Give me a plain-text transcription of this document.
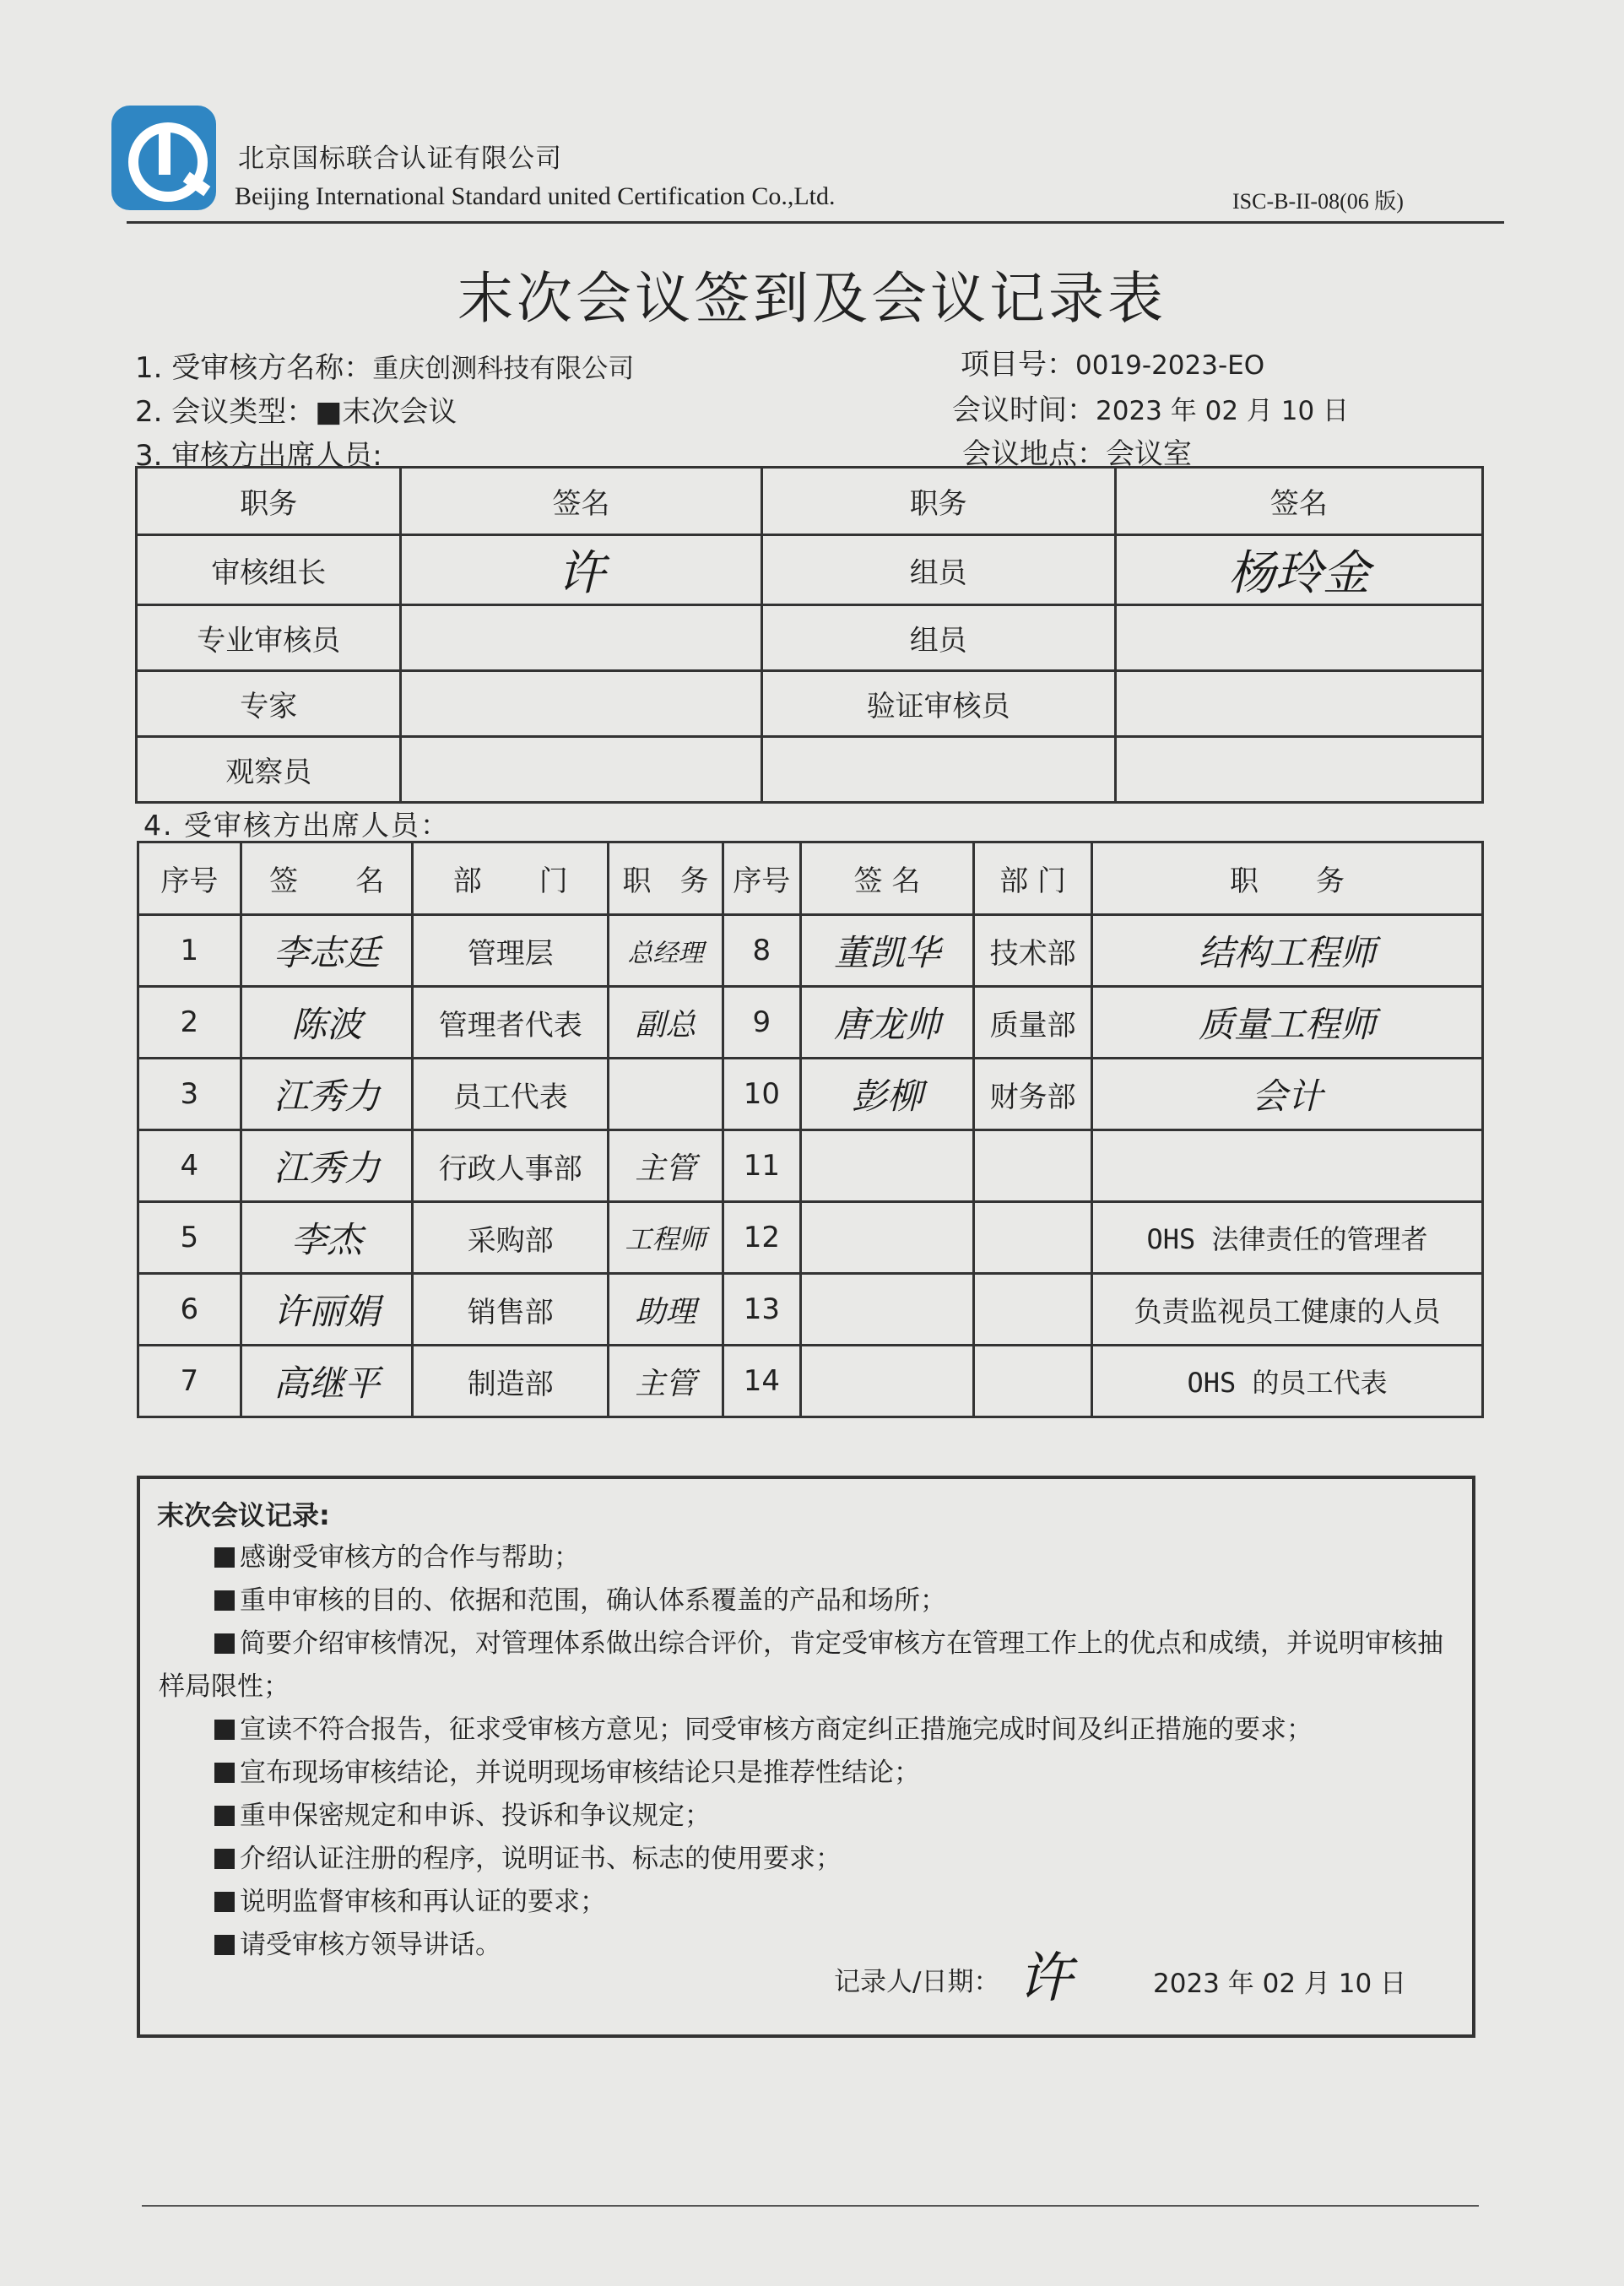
北京国标联合认证有限公司
Beijing International Standard united Certification Co.,Ltd.	ISC-B-II-08(06 版)
末次会议签到及会议记录表
1. 受审核方名称：重庆创测科技有限公司	项目号：0019-2023-EO
2. 会议类型：■末次会议	会议时间：2023 年 02 月 10 日
3. 审核方出席人员:	会议地点：会议室
职务	签名	职务	签名
审核组长	许	组员	杨玲金
专业审核员		组员	
专家		验证审核员	
观察员			
4. 受审核方出席人员：
序号	签　　名	部　　门	职　务	序号	签 名	部 门	职　　务
1	李志廷	管理层	总经理	8	董凯华	技术部	结构工程师
2	陈波	管理者代表	副总	9	唐龙帅	质量部	质量工程师
3	江秀力	员工代表		10	彭柳	财务部	会计
4	江秀力	行政人事部	主管	11			
5	李杰	采购部	工程师	12			OHS 法律责任的管理者
6	许丽娟	销售部	助理	13			负责监视员工健康的人员
7	高继平	制造部	主管	14			OHS 的员工代表
末次会议记录:
感谢受审核方的合作与帮助；
重申审核的目的、依据和范围，确认体系覆盖的产品和场所；
简要介绍审核情况，对管理体系做出综合评价，肯定受审核方在管理工作上的优点和成绩，并说明审核抽样局限性；
宣读不符合报告，征求受审核方意见；同受审核方商定纠正措施完成时间及纠正措施的要求；
宣布现场审核结论，并说明现场审核结论只是推荐性结论；
重申保密规定和申诉、投诉和争议规定；
介绍认证注册的程序，说明证书、标志的使用要求；
说明监督审核和再认证的要求；
请受审核方领导讲话。
记录人/日期： 许	2023 年 02 月 10 日
